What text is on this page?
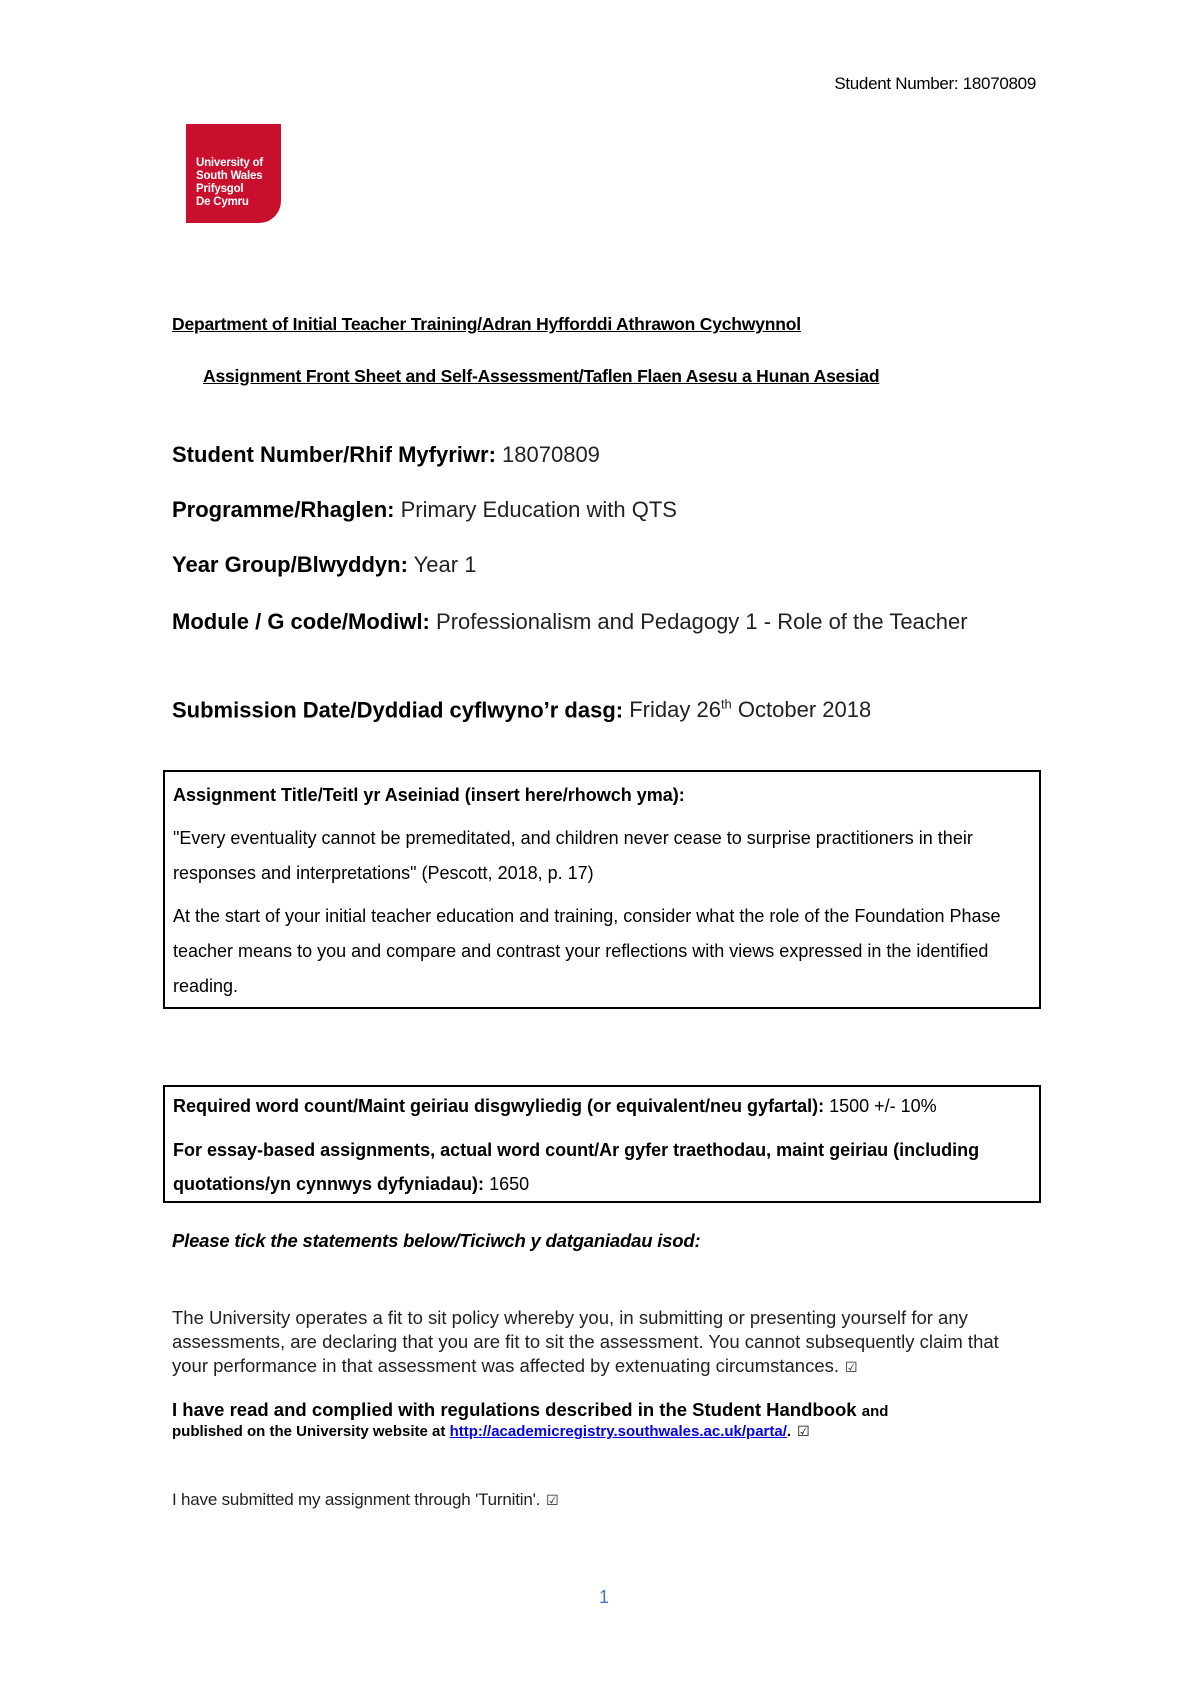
Student Number: 18070809
University of
South Wales
Prifysgol
De Cymru
Department of Initial Teacher Training/Adran Hyfforddi Athrawon Cychwynnol
Assignment Front Sheet and Self-Assessment/Taflen Flaen Asesu a Hunan Asesiad
Student Number/Rhif Myfyriwr: 18070809
Programme/Rhaglen: Primary Education with QTS
Year Group/Blwyddyn: Year 1
Module / G code/Modiwl: Professionalism and Pedagogy 1 - Role of the Teacher
Submission Date/Dyddiad cyflwyno’r dasg: Friday 26th October 2018

Assignment Title/Teitl yr Aseiniad (insert here/rhowch yma):

"Every eventuality cannot be premeditated, and children never cease to surprise practitioners in their responses and interpretations" (Pescott, 2018, p. 17)

At the start of your initial teacher education and training, consider what the role of the Foundation Phase teacher means to you and compare and contrast your reflections with views expressed in the identified reading.

Required word count/Maint geiriau disgwyliedig (or equivalent/neu gyfartal): 1500 +/- 10%

For essay-based assignments, actual word count/Ar gyfer traethodau, maint geiriau (including quotations/yn cynnwys dyfyniadau): 1650

Please tick the statements below/Ticiwch y datganiadau isod:
The University operates a fit to sit policy whereby you, in submitting or presenting yourself for any assessments, are declaring that you are fit to sit the assessment. You cannot subsequently claim that your performance in that assessment was affected by extenuating circumstances. ☑
I have read and complied with regulations described in the Student Handbook and
published on the University website at http://academicregistry.southwales.ac.uk/parta/. ☑
I have submitted my assignment through 'Turnitin'. ☑
1
